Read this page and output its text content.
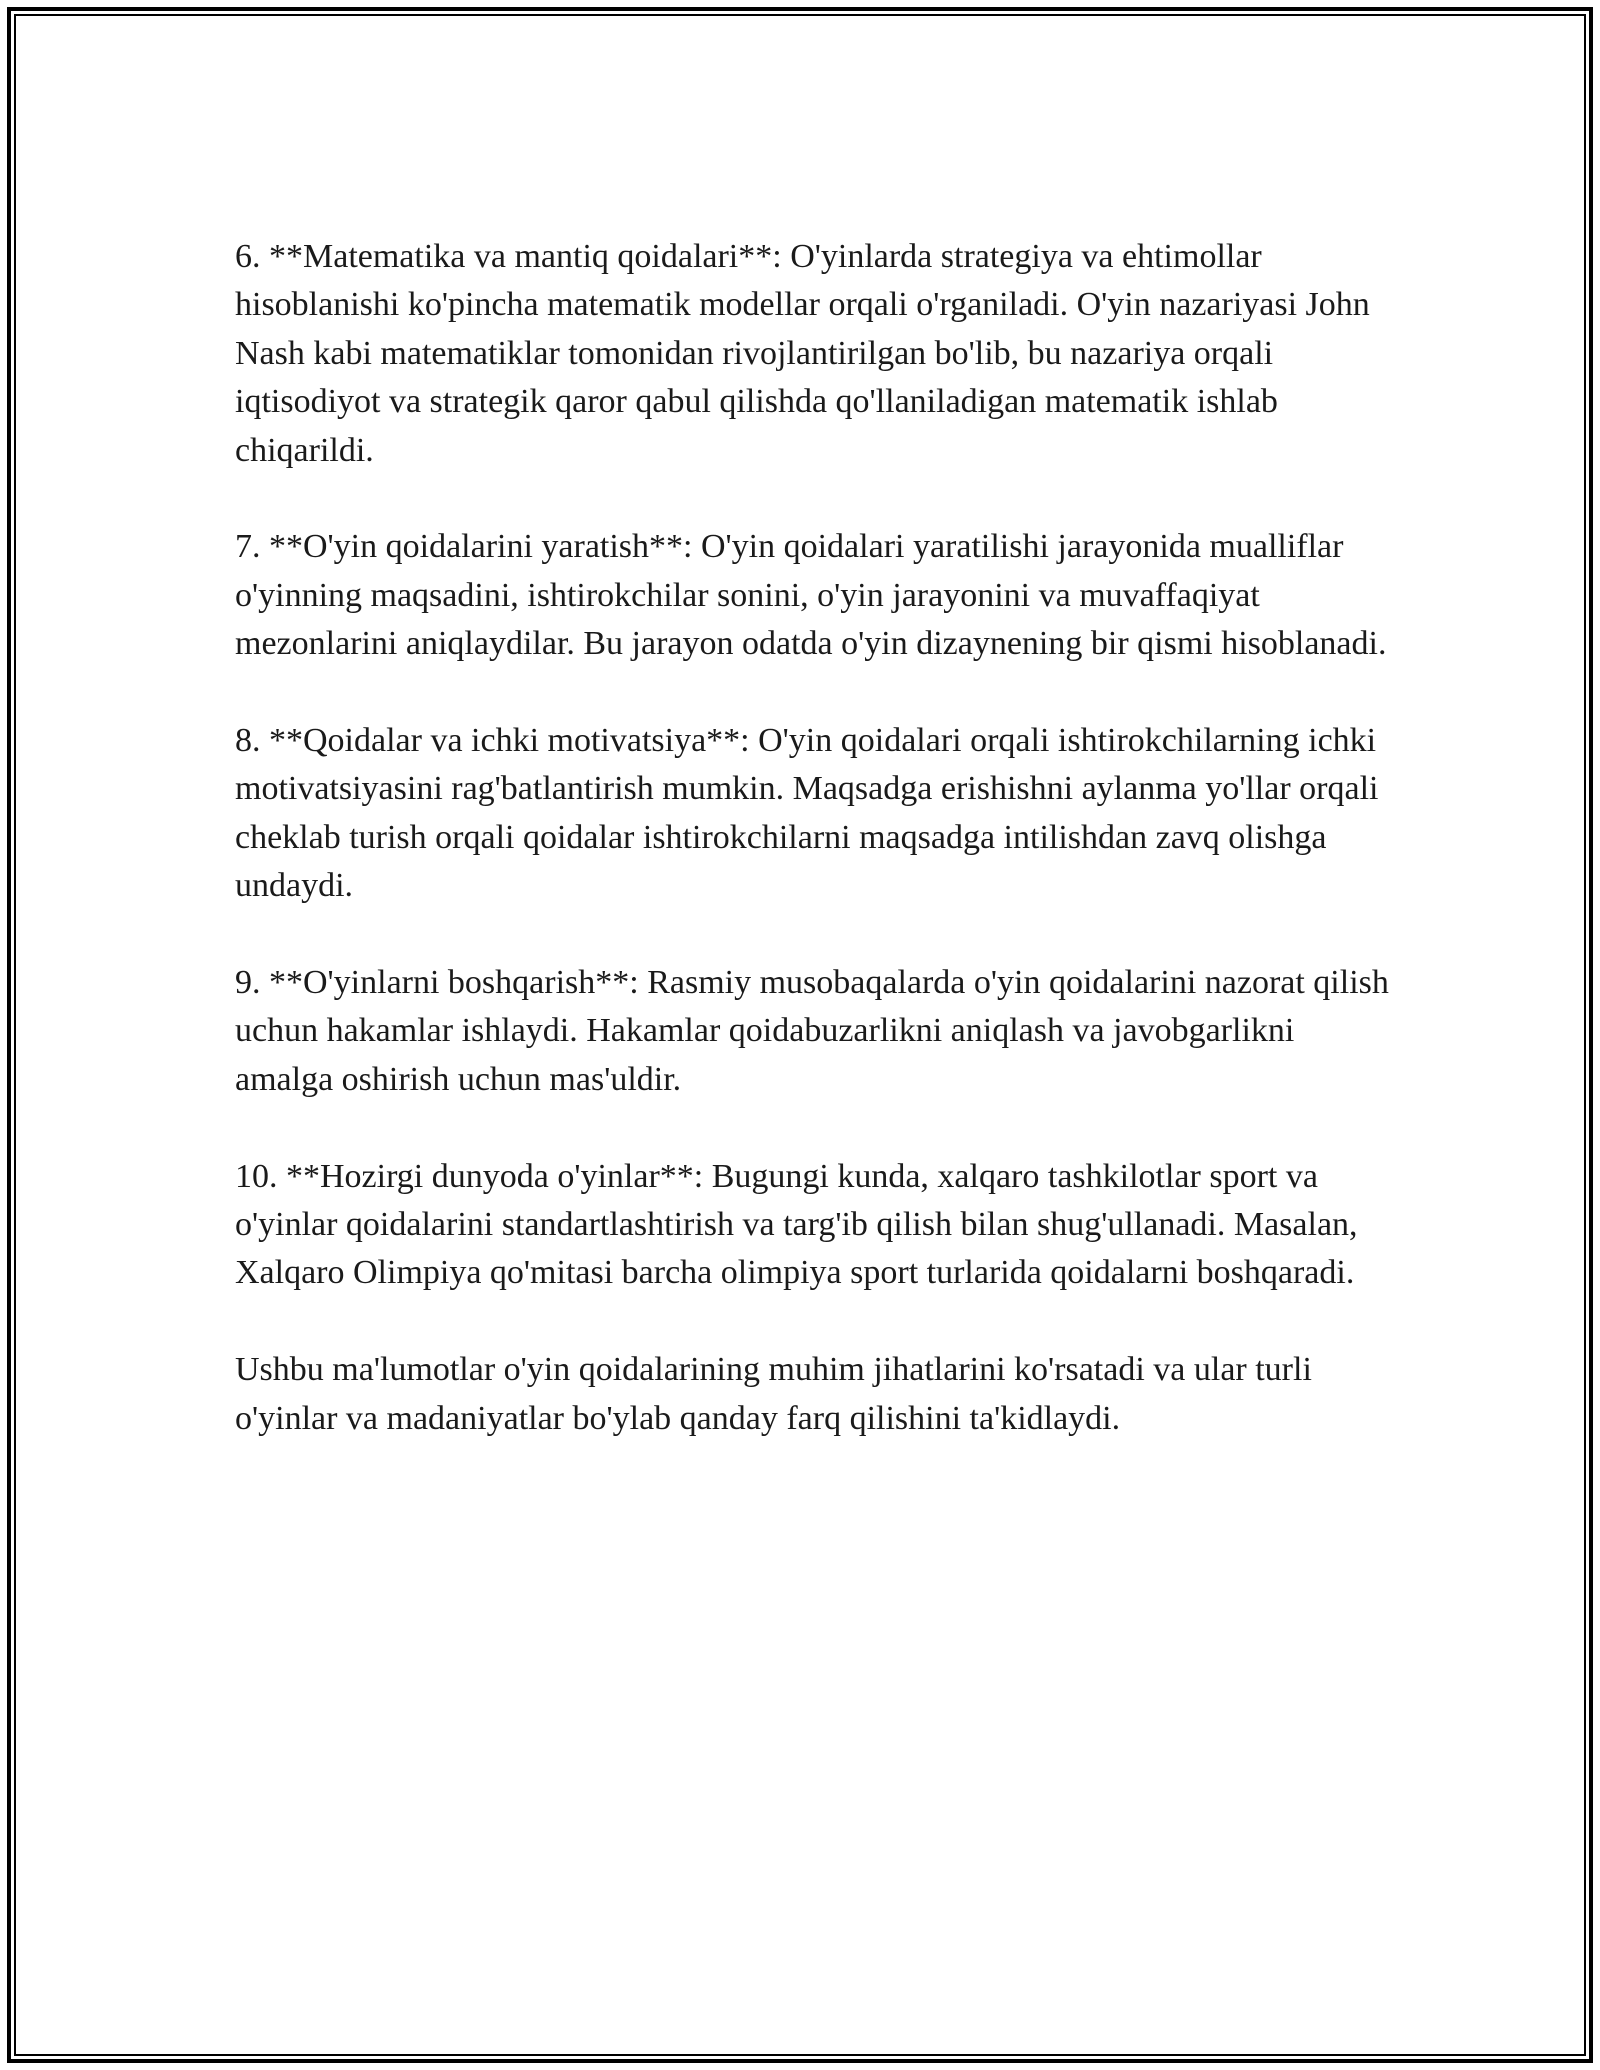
6. **Matematika va mantiq qoidalari**: O'yinlarda strategiya va ehtimollar hisoblanishi ko'pincha matematik modellar orqali o'rganiladi. O'yin nazariyasi John Nash kabi matematiklar tomonidan rivojlantirilgan bo'lib, bu nazariya orqali iqtisodiyot va strategik qaror qabul qilishda qo'llaniladigan matematik ishlab chiqarildi.

7. **O'yin qoidalarini yaratish**: O'yin qoidalari yaratilishi jarayonida mualliflar o'yinning maqsadini, ishtirokchilar sonini, o'yin jarayonini va muvaffaqiyat mezonlarini aniqlaydilar. Bu jarayon odatda o'yin dizaynening bir qismi hisoblanadi.

8. **Qoidalar va ichki motivatsiya**: O'yin qoidalari orqali ishtirokchilarning ichki motivatsiyasini rag'batlantirish mumkin. Maqsadga erishishni aylanma yo'llar orqali cheklab turish orqali qoidalar ishtirokchilarni maqsadga intilishdan zavq olishga undaydi.

9. **O'yinlarni boshqarish**: Rasmiy musobaqalarda o'yin qoidalarini nazorat qilish uchun hakamlar ishlaydi. Hakamlar qoidabuzarlikni aniqlash va javobgarlikni amalga oshirish uchun mas'uldir.

10. **Hozirgi dunyoda o'yinlar**: Bugungi kunda, xalqaro tashkilotlar sport va o'yinlar qoidalarini standartlashtirish va targ'ib qilish bilan shug'ullanadi. Masalan, Xalqaro Olimpiya qo'mitasi barcha olimpiya sport turlarida qoidalarni boshqaradi.

Ushbu ma'lumotlar o'yin qoidalarining muhim jihatlarini ko'rsatadi va ular turli o'yinlar va madaniyatlar bo'ylab qanday farq qilishini ta'kidlaydi.
